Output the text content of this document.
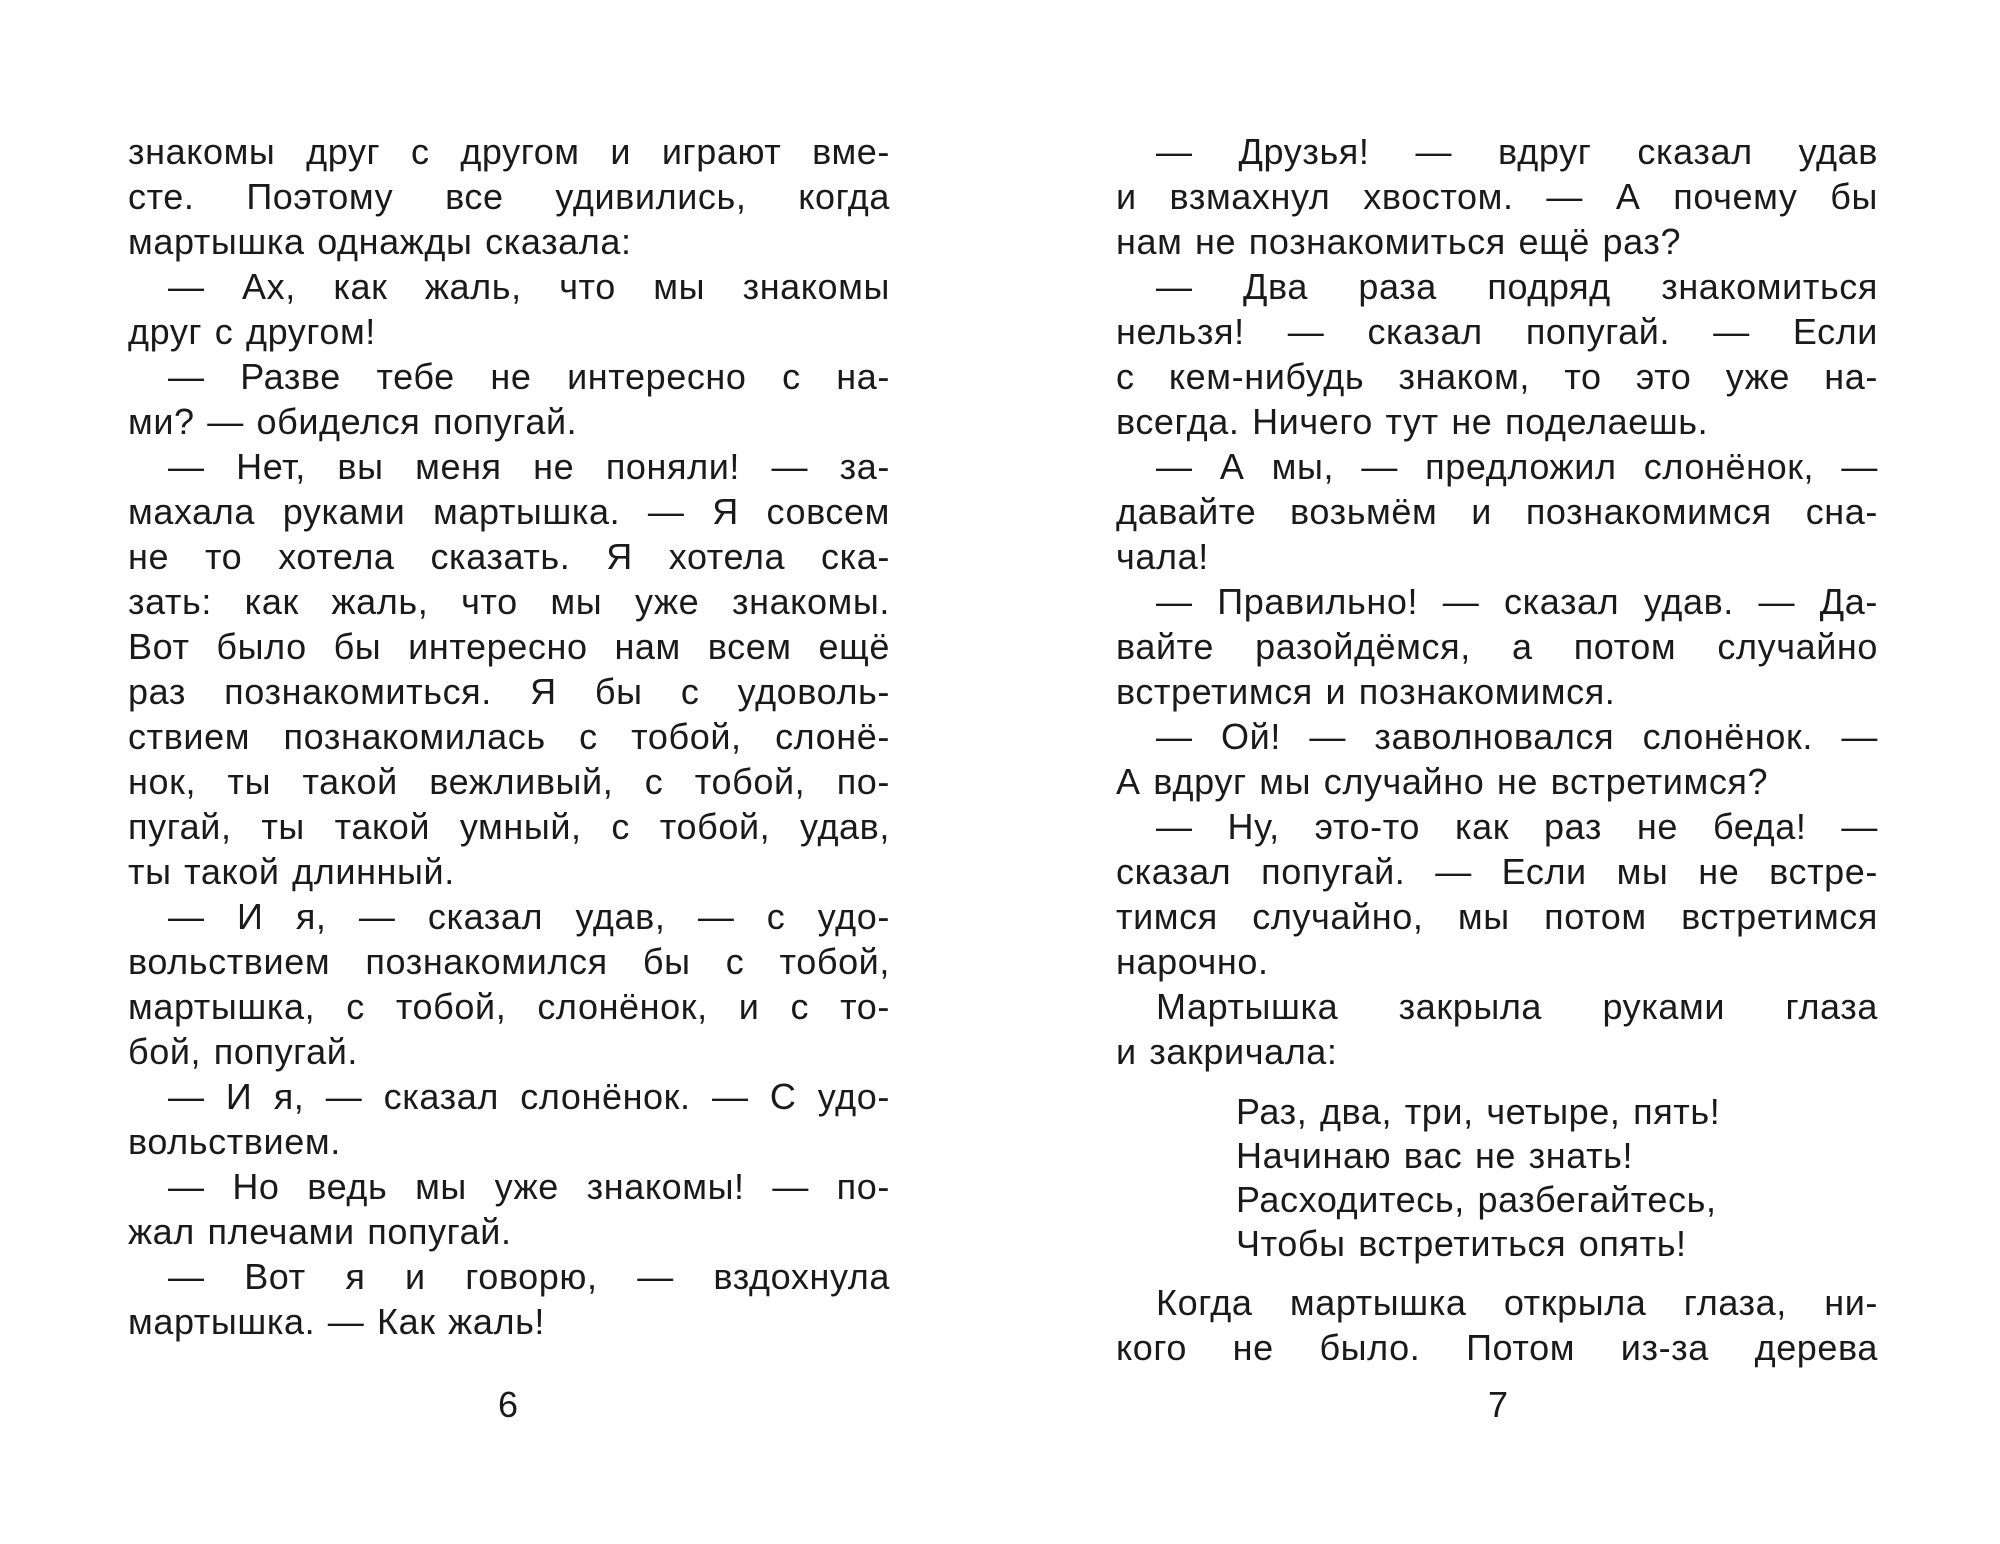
знакомы друг с другом и играют вме-
сте. Поэтому все удивились, когда
мартышка однажды сказала:
— Ах, как жаль, что мы знакомы
друг с другом!
— Разве тебе не интересно с на-
ми? — обиделся попугай.
— Нет, вы меня не поняли! — за-
махала руками мартышка. — Я совсем
не то хотела сказать. Я хотела ска-
зать: как жаль, что мы уже знакомы.
Вот было бы интересно нам всем ещё
раз познакомиться. Я бы с удоволь-
ствием познакомилась с тобой, слонё-
нок, ты такой вежливый, с тобой, по-
пугай, ты такой умный, с тобой, удав,
ты такой длинный.
— И я, — сказал удав, — с удо-
вольствием познакомился бы с тобой,
мартышка, с тобой, слонёнок, и с то-
бой, попугай.
— И я, — сказал слонёнок. — С удо-
вольствием.
— Но ведь мы уже знакомы! — по-
жал плечами попугай.
— Вот я и говорю, — вздохнула
мартышка. — Как жаль!
6
— Друзья! — вдруг сказал удав
и взмахнул хвостом. — А почему бы
нам не познакомиться ещё раз?
— Два раза подряд знакомиться
нельзя! — сказал попугай. — Если
с кем-нибудь знаком, то это уже на-
всегда. Ничего тут не поделаешь.
— А мы, — предложил слонёнок, —
давайте возьмём и познакомимся сна-
чала!
— Правильно! — сказал удав. — Да-
вайте разойдёмся, а потом случайно
встретимся и познакомимся.
— Ой! — заволновался слонёнок. —
А вдруг мы случайно не встретимся?
— Ну, это-то как раз не беда! —
сказал попугай. — Если мы не встре-
тимся случайно, мы потом встретимся
нарочно.
Мартышка закрыла руками глаза
и закричала:
Раз, два, три, четыре, пять!
Начинаю вас не знать!
Расходитесь, разбегайтесь,
Чтобы встретиться опять!
Когда мартышка открыла глаза, ни-
кого не было. Потом из-за дерева
7
